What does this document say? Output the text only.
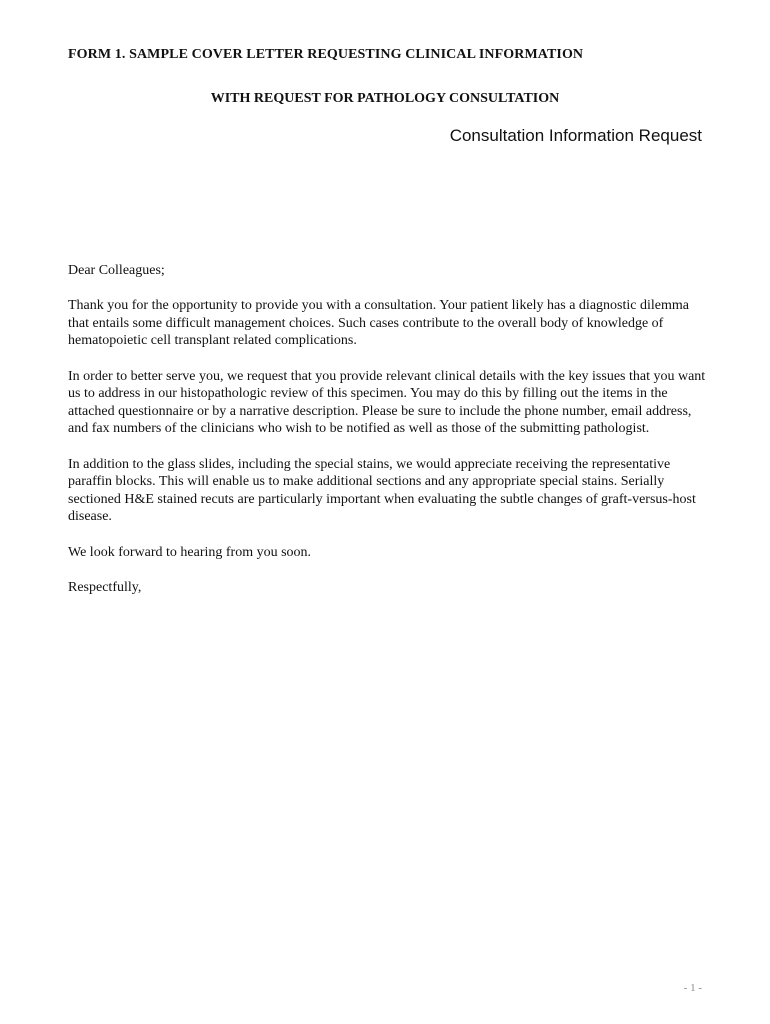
FORM 1. SAMPLE COVER LETTER REQUESTING CLINICAL INFORMATION
WITH REQUEST FOR PATHOLOGY CONSULTATION
Consultation Information Request

Dear Colleagues;

Thank you for the opportunity to provide you with a consultation. Your patient likely has a diagnostic dilemma that entails some difficult management choices. Such cases contribute to the overall body of knowledge of hematopoietic cell transplant related complications.

In order to better serve you, we request that you provide relevant clinical details with the key issues that you want us to address in our histopathologic review of this specimen. You may do this by filling out the items in the attached questionnaire or by a narrative description. Please be sure to include the phone number, email address, and fax numbers of the clinicians who wish to be notified as well as those of the submitting pathologist.

In addition to the glass slides, including the special stains, we would appreciate receiving the representative paraffin blocks. This will enable us to make additional sections and any appropriate special stains. Serially sectioned H&E stained recuts are particularly important when evaluating the subtle changes of graft-versus-host disease.

We look forward to hearing from you soon.

Respectfully,

- 1 -
